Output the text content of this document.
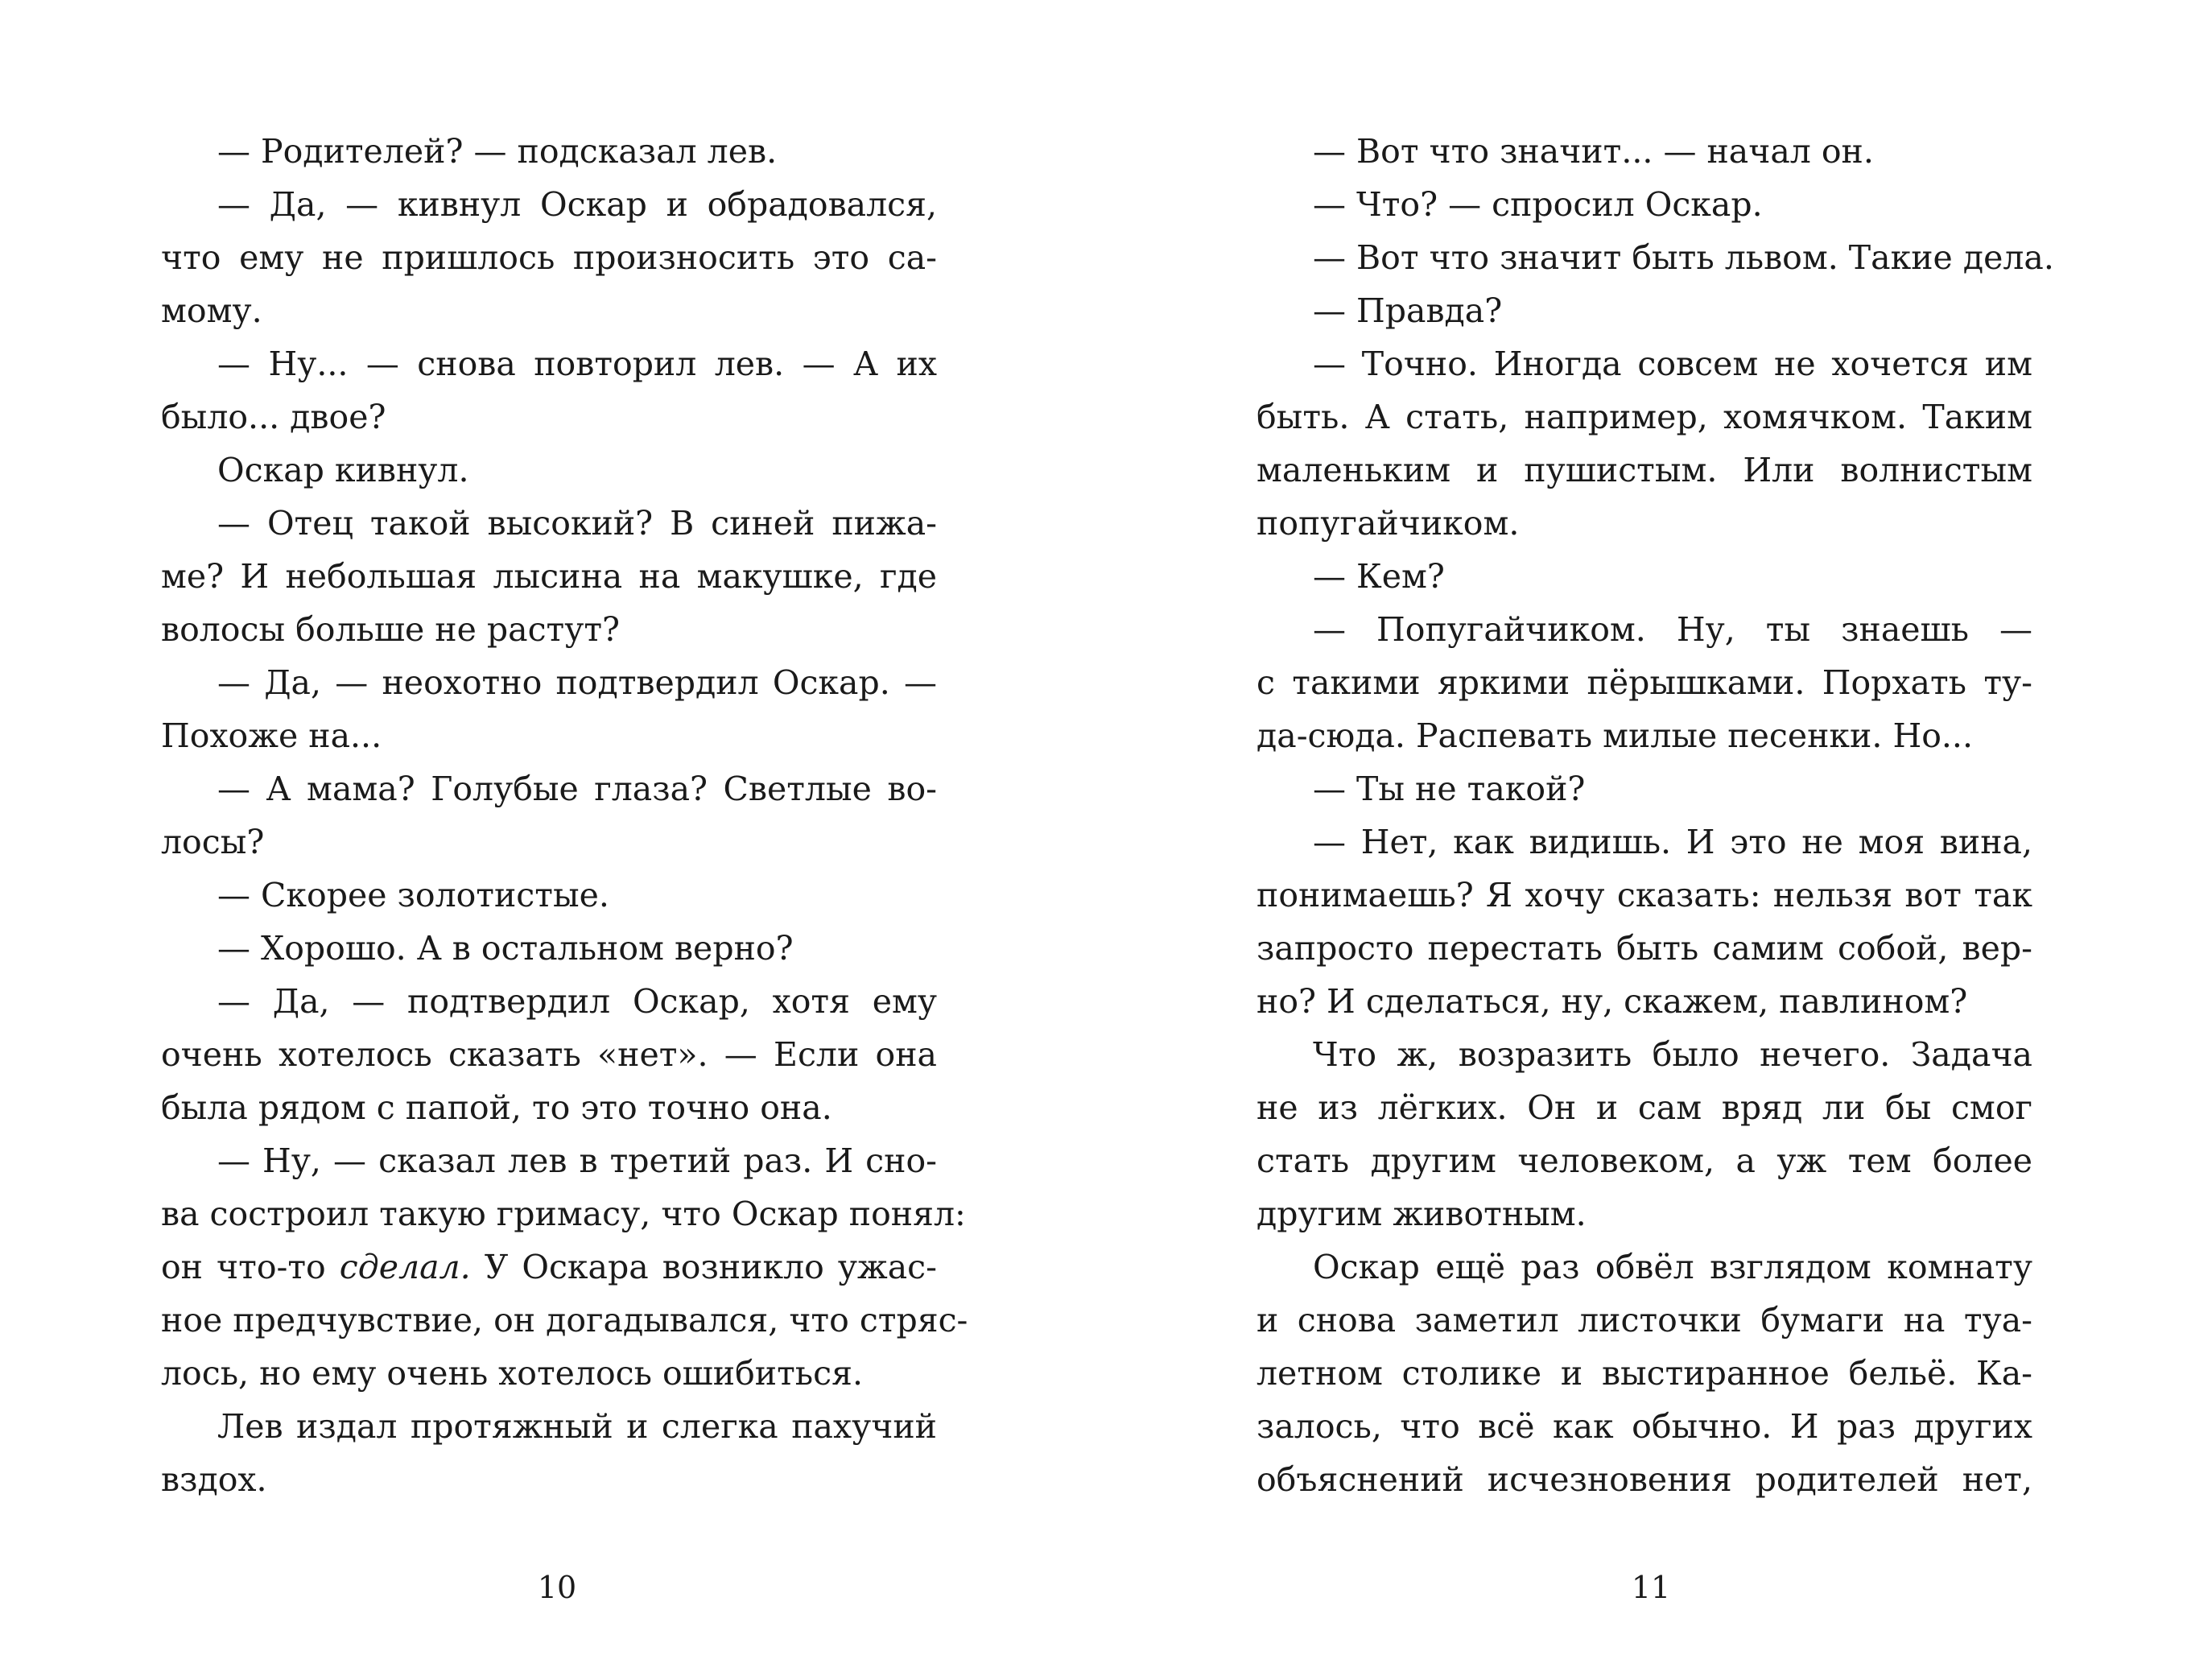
— Родителей? — подсказал лев.
— Да, — кивнул Оскар и обрадовался,
что ему не пришлось произносить это са-
мому.
— Ну... — снова повторил лев. — А их
было... двое?
Оскар кивнул.
— Отец такой высокий? В синей пижа-
ме? И небольшая лысина на макушке, где
волосы больше не растут?
— Да, — неохотно подтвердил Оскар. —
Похоже на...
— А мама? Голубые глаза? Светлые во-
лосы?
— Скорее золотистые.
— Хорошо. А в остальном верно?
— Да, — подтвердил Оскар, хотя ему
очень хотелось сказать «нет». — Если она
была рядом с папой, то это точно она.
— Ну, — сказал лев в третий раз. И сно-
ва состроил такую гримасу, что Оскар понял:
он что-то сделал. У Оскара возникло ужас-
ное предчувствие, он догадывался, что стряс-
лось, но ему очень хотелось ошибиться.
Лев издал протяжный и слегка пахучий
вздох.
— Вот что значит... — начал он.
— Что? — спросил Оскар.
— Вот что значит быть львом. Такие дела.
— Правда?
— Точно. Иногда совсем не хочется им
быть. А стать, например, хомячком. Таким
маленьким и пушистым. Или волнистым
попугайчиком.
— Кем?
— Попугайчиком. Ну, ты знаешь —
с такими яркими пёрышками. Порхать ту-
да-сюда. Распевать милые песенки. Но...
— Ты не такой?
— Нет, как видишь. И это не моя вина,
понимаешь? Я хочу сказать: нельзя вот так
запросто перестать быть самим собой, вер-
но? И сделаться, ну, скажем, павлином?
Что ж, возразить было нечего. Задача
не из лёгких. Он и сам вряд ли бы смог
стать другим человеком, а уж тем более
другим животным.
Оскар ещё раз обвёл взглядом комнату
и снова заметил листочки бумаги на туа-
летном столике и выстиранное бельё. Ка-
залось, что всё как обычно. И раз других
объяснений исчезновения родителей нет,
10	11
